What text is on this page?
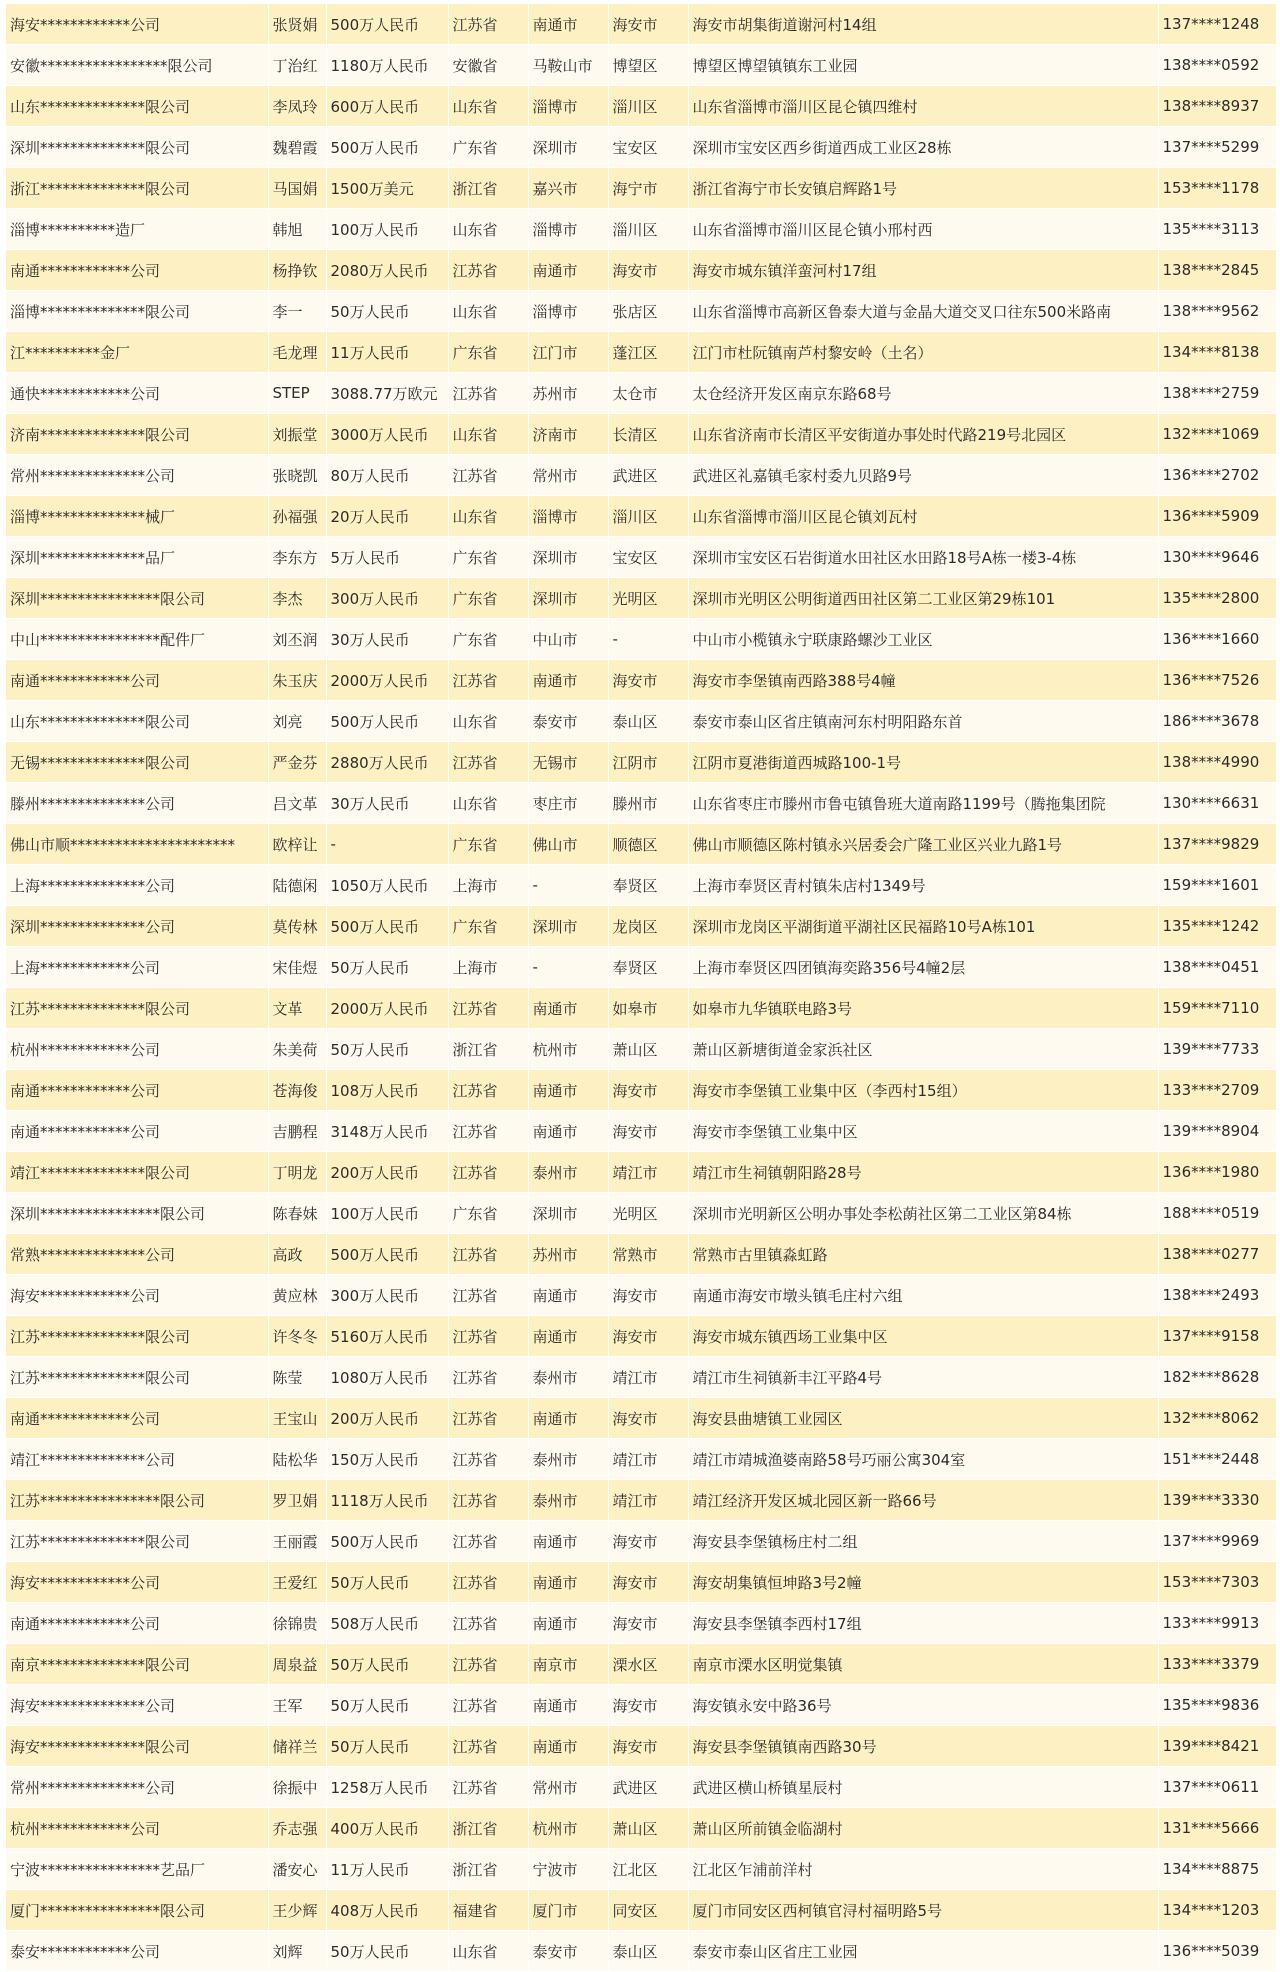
海安************公司	张贤娟	500万人民币	江苏省	南通市	海安市	海安市胡集街道谢河村14组	137****1248
安徽*****************限公司	丁治红	1180万人民币	安徽省	马鞍山市	博望区	博望区博望镇镇东工业园	138****0592
山东**************限公司	李凤玲	600万人民币	山东省	淄博市	淄川区	山东省淄博市淄川区昆仑镇四维村	138****8937
深圳**************限公司	魏碧霞	500万人民币	广东省	深圳市	宝安区	深圳市宝安区西乡街道西成工业区28栋	137****5299
浙江**************限公司	马国娟	1500万美元	浙江省	嘉兴市	海宁市	浙江省海宁市长安镇启辉路1号	153****1178
淄博**********造厂	韩旭	100万人民币	山东省	淄博市	淄川区	山东省淄博市淄川区昆仑镇小邢村西	135****3113
南通************公司	杨挣钦	2080万人民币	江苏省	南通市	海安市	海安市城东镇洋蛮河村17组	138****2845
淄博**************限公司	李一	50万人民币	山东省	淄博市	张店区	山东省淄博市高新区鲁泰大道与金晶大道交叉口往东500米路南	138****9562
江**********金厂	毛龙理	11万人民币	广东省	江门市	蓬江区	江门市杜阮镇南芦村黎安岭（土名）	134****8138
通快************公司	STEP	3088.77万欧元	江苏省	苏州市	太仓市	太仓经济开发区南京东路68号	138****2759
济南**************限公司	刘振堂	3000万人民币	山东省	济南市	长清区	山东省济南市长清区平安街道办事处时代路219号北园区	132****1069
常州**************公司	张晓凯	80万人民币	江苏省	常州市	武进区	武进区礼嘉镇毛家村委九贝路9号	136****2702
淄博**************械厂	孙福强	20万人民币	山东省	淄博市	淄川区	山东省淄博市淄川区昆仑镇刘瓦村	136****5909
深圳**************品厂	李东方	5万人民币	广东省	深圳市	宝安区	深圳市宝安区石岩街道水田社区水田路18号A栋一楼3-4栋	130****9646
深圳****************限公司	李杰	300万人民币	广东省	深圳市	光明区	深圳市光明区公明街道西田社区第二工业区第29栋101	135****2800
中山****************配件厂	刘丕润	30万人民币	广东省	中山市	-	中山市小榄镇永宁联康路螺沙工业区	136****1660
南通************公司	朱玉庆	2000万人民币	江苏省	南通市	海安市	海安市李堡镇南西路388号4幢	136****7526
山东**************限公司	刘亮	500万人民币	山东省	泰安市	泰山区	泰安市泰山区省庄镇南河东村明阳路东首	186****3678
无锡**************限公司	严金芬	2880万人民币	江苏省	无锡市	江阴市	江阴市夏港街道西城路100-1号	138****4990
滕州**************公司	吕文革	30万人民币	山东省	枣庄市	滕州市	山东省枣庄市滕州市鲁屯镇鲁班大道南路1199号（腾拖集团院	130****6631
佛山市顺**********************	欧梓让	-	广东省	佛山市	顺德区	佛山市顺德区陈村镇永兴居委会广隆工业区兴业九路1号	137****9829
上海**************公司	陆德闲	1050万人民币	上海市	-	奉贤区	上海市奉贤区青村镇朱店村1349号	159****1601
深圳**************公司	莫传林	500万人民币	广东省	深圳市	龙岗区	深圳市龙岗区平湖街道平湖社区民福路10号A栋101	135****1242
上海************公司	宋佳煜	50万人民币	上海市	-	奉贤区	上海市奉贤区四团镇海奕路356号4幢2层	138****0451
江苏**************限公司	文革	2000万人民币	江苏省	南通市	如皋市	如皋市九华镇联电路3号	159****7110
杭州************公司	朱美荷	50万人民币	浙江省	杭州市	萧山区	萧山区新塘街道金家浜社区	139****7733
南通************公司	苍海俊	108万人民币	江苏省	南通市	海安市	海安市李堡镇工业集中区（李西村15组）	133****2709
南通************公司	吉鹏程	3148万人民币	江苏省	南通市	海安市	海安市李堡镇工业集中区	139****8904
靖江**************限公司	丁明龙	200万人民币	江苏省	泰州市	靖江市	靖江市生祠镇朝阳路28号	136****1980
深圳****************限公司	陈春妹	100万人民币	广东省	深圳市	光明区	深圳市光明新区公明办事处李松蓢社区第二工业区第84栋	188****0519
常熟**************公司	高政	500万人民币	江苏省	苏州市	常熟市	常熟市古里镇淼虹路	138****0277
海安************公司	黄应林	300万人民币	江苏省	南通市	海安市	南通市海安市墩头镇毛庄村六组	138****2493
江苏**************限公司	许冬冬	5160万人民币	江苏省	南通市	海安市	海安市城东镇西场工业集中区	137****9158
江苏**************限公司	陈莹	1080万人民币	江苏省	泰州市	靖江市	靖江市生祠镇新丰江平路4号	182****8628
南通************公司	王宝山	200万人民币	江苏省	南通市	海安市	海安县曲塘镇工业园区	132****8062
靖江**************公司	陆松华	150万人民币	江苏省	泰州市	靖江市	靖江市靖城渔婆南路58号巧丽公寓304室	151****2448
江苏****************限公司	罗卫娟	1118万人民币	江苏省	泰州市	靖江市	靖江经济开发区城北园区新一路66号	139****3330
江苏**************限公司	王丽霞	500万人民币	江苏省	南通市	海安市	海安县李堡镇杨庄村二组	137****9969
海安************公司	王爱红	50万人民币	江苏省	南通市	海安市	海安胡集镇恒坤路3号2幢	153****7303
南通************公司	徐锦贵	508万人民币	江苏省	南通市	海安市	海安县李堡镇李西村17组	133****9913
南京**************限公司	周泉益	50万人民币	江苏省	南京市	溧水区	南京市溧水区明觉集镇	133****3379
海安**************公司	王军	50万人民币	江苏省	南通市	海安市	海安镇永安中路36号	135****9836
海安**************限公司	储祥兰	50万人民币	江苏省	南通市	海安市	海安县李堡镇镇南西路30号	139****8421
常州**************公司	徐振中	1258万人民币	江苏省	常州市	武进区	武进区横山桥镇星辰村	137****0611
杭州************公司	乔志强	400万人民币	浙江省	杭州市	萧山区	萧山区所前镇金临湖村	131****5666
宁波****************艺品厂	潘安心	11万人民币	浙江省	宁波市	江北区	江北区乍浦前洋村	134****8875
厦门****************限公司	王少辉	408万人民币	福建省	厦门市	同安区	厦门市同安区西柯镇官浔村福明路5号	134****1203
泰安************公司	刘辉	50万人民币	山东省	泰安市	泰山区	泰安市泰山区省庄工业园	136****5039
